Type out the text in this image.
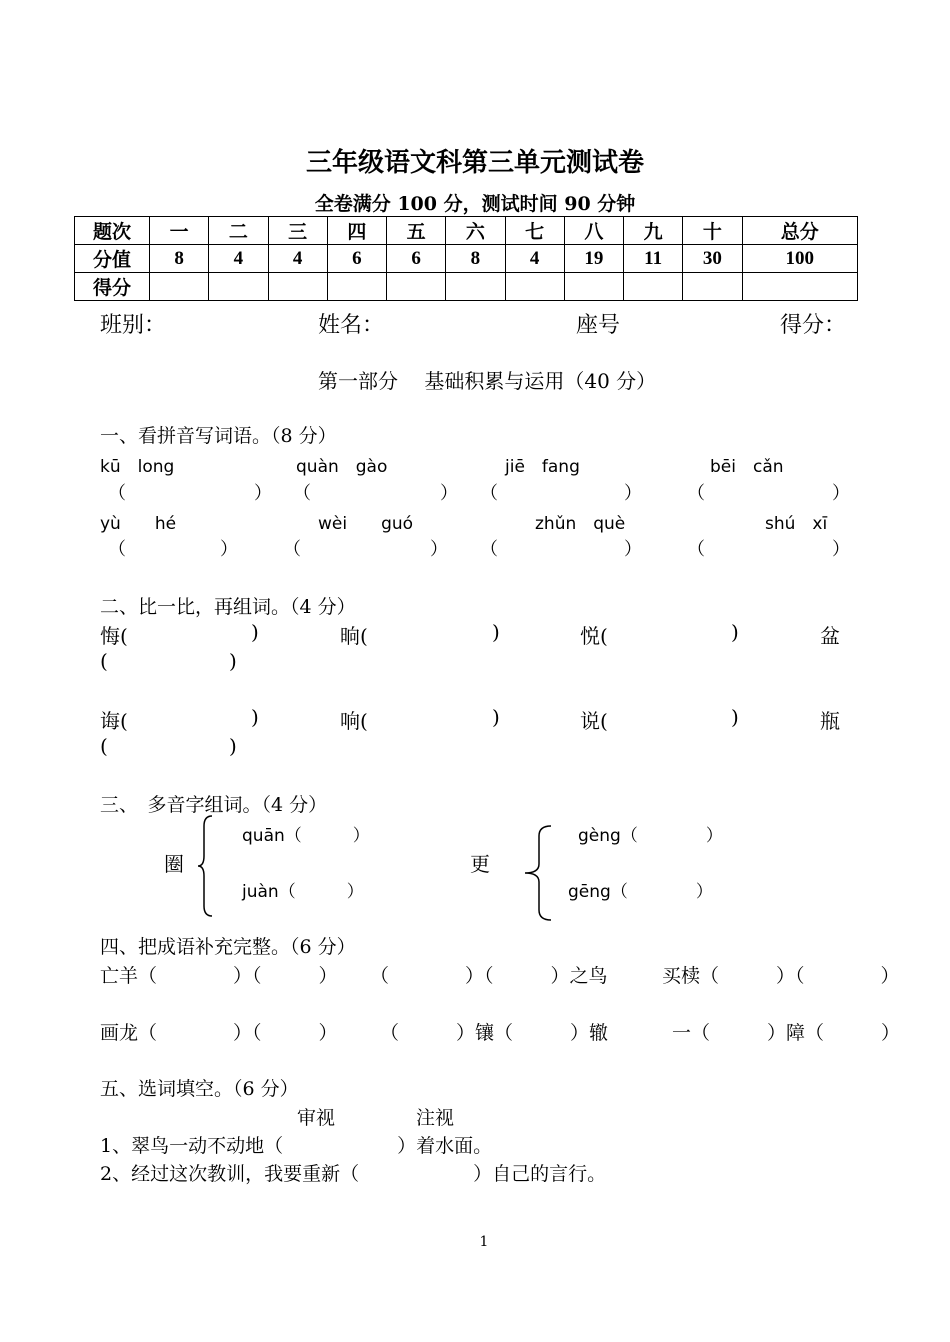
三年级语文科第三单元测试卷
全卷满分 100 分，测试时间 90 分钟
题次	一	二	三	四	五	六	七	八	九	十	总分
分值	8	4	4	6	6	8	4	19	11	30	100
得分											
班别：	姓名：	座号	得分：
第一部分　 基础积累与运用（40 分）
一、看拼音写词语。（8 分）
kū　long	quàn　gào	jiē　fang	bēi　cǎn
（	） （	） （	）	（	）
yù　　hé	wèi　　guó	zhǔn　què	shú　xī
（	）	（	） （	）	（	）
二、比一比，再组词。（4 分）
悔(	)	晌(	)	悦(	)	盆
(	)
诲(	)	响(	)	说(	)	瓶
(	)
三、　多音字组词。（4 分）
圈
quān（　　　）
juàn（　　　）
更
gèng（　　　　）
gēng（　　　　）
四、把成语补充完整。（6 分）
亡羊（　　　　）（　　　） （　　　　）（　　　）之鸟	买椟（　　　）（　　　　）
画龙（　　　　）（　　　） （　　　）镶（　　　）辙	一（　　　）障（　　　）
五、选词填空。（6 分）
审视	注视
1、翠鸟一动不动地（　　　　　　）着水面。
2、经过这次教训，我要重新（　　　　　　）自己的言行。
1
